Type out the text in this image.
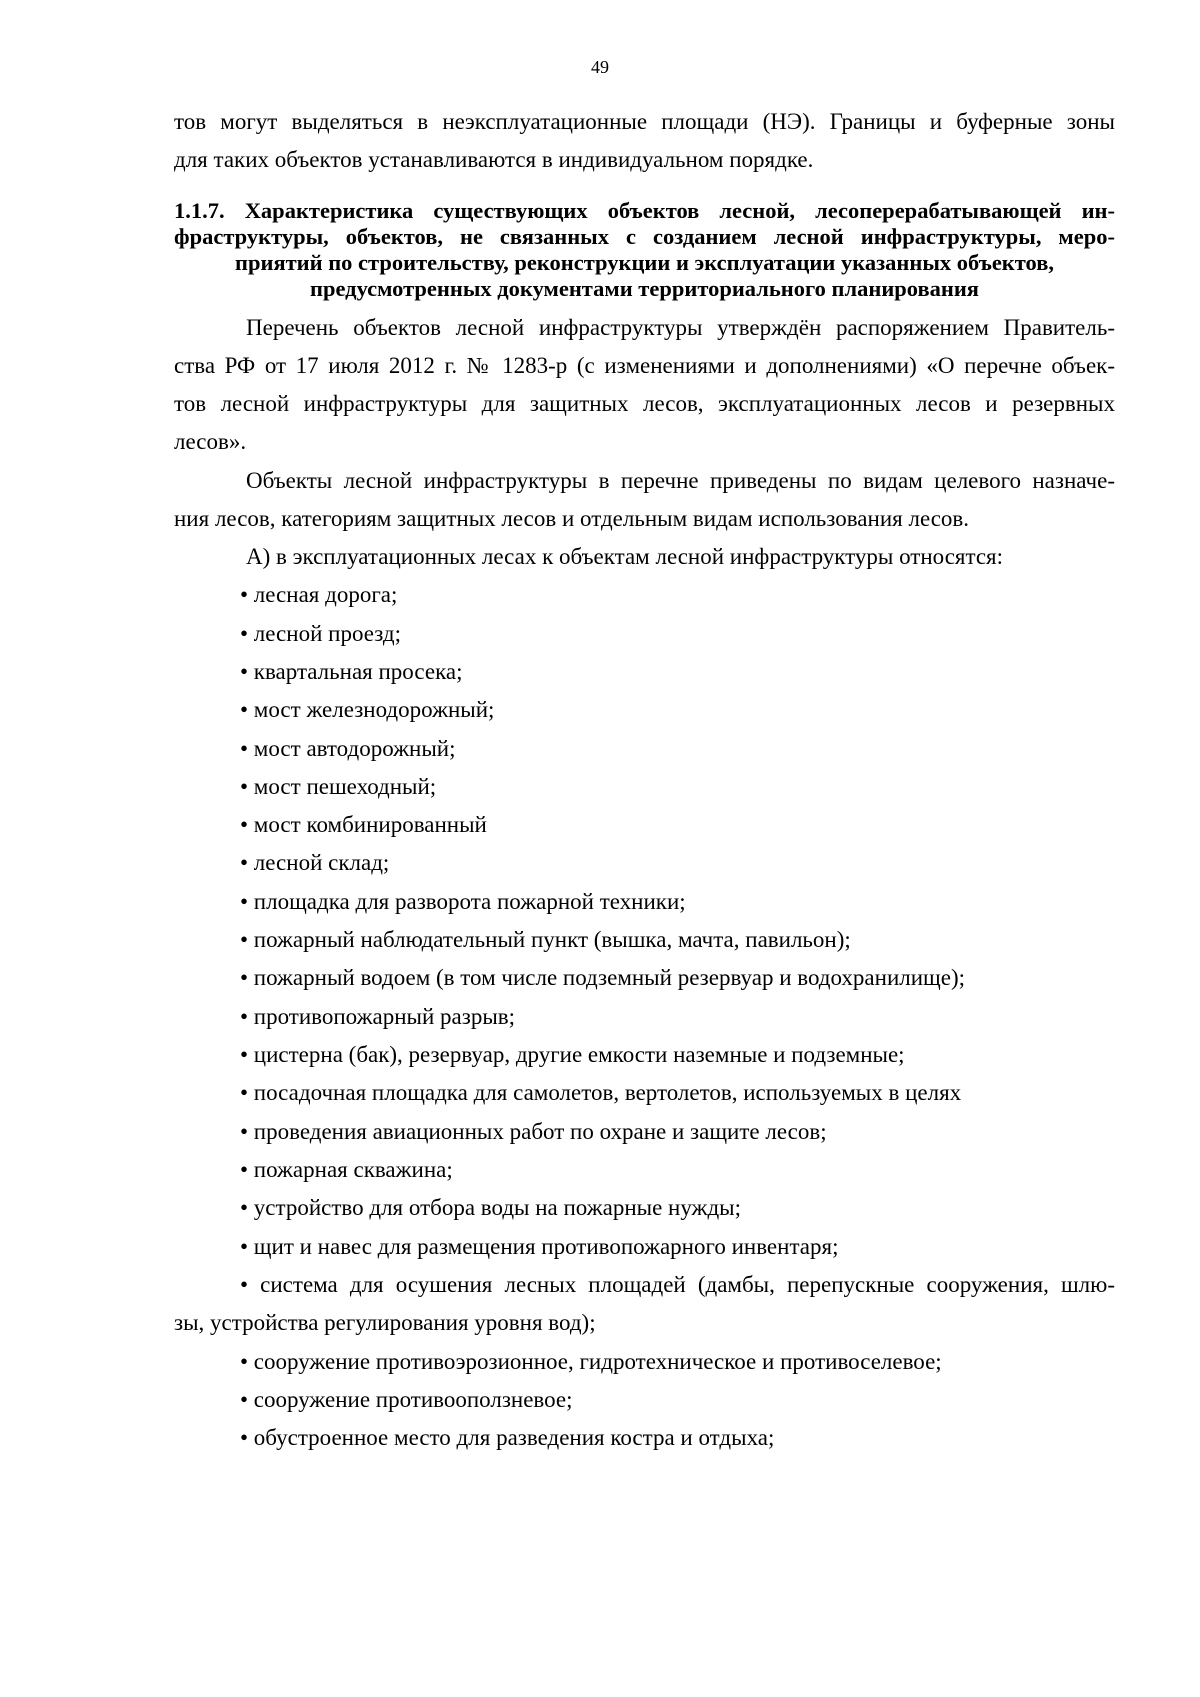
49
тов могут выделяться в неэксплуатационные площади (НЭ). Границы и буферные зоны
для таких объектов устанавливаются в индивидуальном порядке.
1.1.7. Характеристика существующих объектов лесной, лесоперерабатывающей ин-
фраструктуры, объектов, не связанных с созданием лесной инфраструктуры, меро-
приятий по строительству, реконструкции и эксплуатации указанных объектов,
предусмотренных документами территориального планирования
Перечень объектов лесной инфраструктуры утверждён распоряжением Правитель-
ства РФ от 17 июля 2012 г. № 1283-р (с изменениями и дополнениями) «О перечне объек-
тов лесной инфраструктуры для защитных лесов, эксплуатационных лесов и резервных
лесов».
Объекты лесной инфраструктуры в перечне приведены по видам целевого назначе-
ния лесов, категориям защитных лесов и отдельным видам использования лесов.
А) в эксплуатационных лесах к объектам лесной инфраструктуры относятся:
• лесная дорога;
• лесной проезд;
• квартальная просека;
• мост железнодорожный;
• мост автодорожный;
• мост пешеходный;
• мост комбинированный
• лесной склад;
• площадка для разворота пожарной техники;
• пожарный наблюдательный пункт (вышка, мачта, павильон);
• пожарный водоем (в том числе подземный резервуар и водохранилище);
• противопожарный разрыв;
• цистерна (бак), резервуар, другие емкости наземные и подземные;
• посадочная площадка для самолетов, вертолетов, используемых в целях
• проведения авиационных работ по охране и защите лесов;
• пожарная скважина;
• устройство для отбора воды на пожарные нужды;
• щит и навес для размещения противопожарного инвентаря;
• система для осушения лесных площадей (дамбы, перепускные сооружения, шлю-
зы, устройства регулирования уровня вод);
• сооружение противоэрозионное, гидротехническое и противоселевое;
• сооружение противооползневое;
• обустроенное место для разведения костра и отдыха;
